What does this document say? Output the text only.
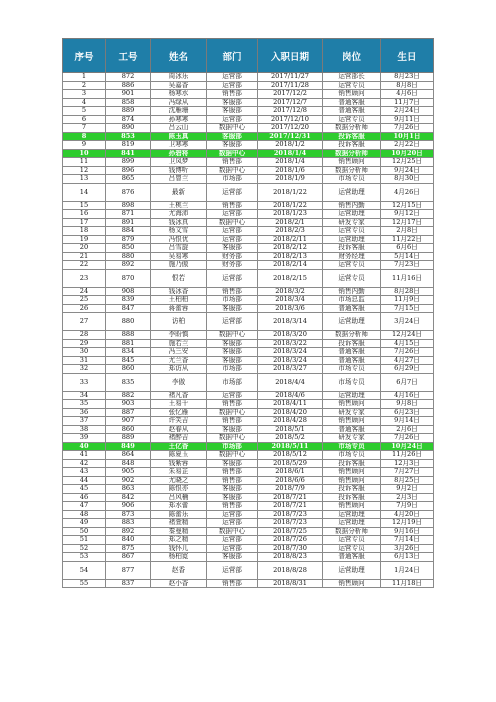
序号	工号	姓名	部门	入职日期	岗位	生日
1	872	周冰乐	运营部	2017/11/27	运营部长	8月23日
2	886	吴嘉香	运营部	2017/11/28	运营专员	8月8日
3	901	杨寒水	销售部	2017/12/2	销售顾问	4月6日
4	858	冯绿从	客服部	2017/12/7	普通客服	11月7日
5	889	沈雁珊	客服部	2017/12/8	普通客服	2月24日
6	874	孙寒寒	运营部	2017/12/10	运营专员	9月11日
7	890	吕云山	数据中心	2017/12/20	数据分析师	7月26日
8	853	陈玉真	客服部	2017/12/31	投诉客服	10月1日
9	819	卫寒寒	客服部	2018/1/2	投诉客服	2月22日
10	841	孙碧将	数据中心	2018/1/4	数据分析师	10月20日
11	899	卫凤梦	销售部	2018/1/4	销售顾问	12月25日
12	896	钱博听	数据中心	2018/1/6	数据分析师	9月24日
13	865	吕曾兰	市场部	2018/1/9	市场专员	8月30日
14	876	最新	运营部	2018/1/22	运营助理	4月26日
15	898	王桃兰	销售部	2018/1/22	销售内勤	12月15日
16	871	尤海沛	运营部	2018/1/23	运营助理	9月12日
17	891	钱冰真	数据中心	2018/2/1	研发专家	12月17日
18	884	杨文雪	运营部	2018/2/3	运营专员	2月8日
19	879	冯恨优	运营部	2018/2/11	运营助理	11月22日
20	850	吕雪旋	客服部	2018/2/12	投诉客服	6月6日
21	880	吴易寒	财务部	2018/2/13	财务经理	5月14日
22	892	施乃傲	财务部	2018/2/14	运营专员	7月23日
23	870	恨若	运营部	2018/2/15	运营专员	11月16日
24	908	钱冰香	销售部	2018/3/2	销售内勤	8月28日
25	839	王柏柏	市场部	2018/3/4	市场总监	11月9日
26	847	蒋蕾蓉	客服部	2018/3/6	普通客服	7月15日
27	880	访柏	运营部	2018/3/14	运营助理	3月24日
28	888	李盼慎	数据中心	2018/3/20	数据分析师	12月24日
29	881	施若兰	客服部	2018/3/22	投诉客服	4月15日
30	834	冯三安	客服部	2018/3/24	普通客服	7月26日
31	845	尤兰香	客服部	2018/3/24	普通客服	4月27日
32	860	郑访从	市场部	2018/3/27	市场专员	6月29日
33	835	李傲	市场部	2018/4/4	市场专员	6月7日
34	882	褚凡香	运营部	2018/4/6	运营助理	4月16日
35	903	王易千	销售部	2018/4/11	销售顾问	9月8日
36	887	张忆雁	数据中心	2018/4/20	研发专家	6月23日
37	907	许笑吉	销售部	2018/4/28	销售顾问	9月14日
38	860	赵春从	客服部	2018/5/1	普通客服	2月6日
39	889	褚醉吉	数据中心	2018/5/2	研发专家	7月26日
40	849	王亿香	市场部	2018/5/11	市场专员	10月24日
41	864	陈夏玉	数据中心	2018/5/12	市场专员	11月26日
42	848	钱紫蓉	客服部	2018/5/29	投诉客服	12月3日
43	905	朱易芷	销售部	2018/6/1	销售顾问	7月27日
44	902	尤晓之	销售部	2018/6/6	销售顾问	8月25日
45	863	陈恨亦	客服部	2018/7/9	投诉客服	9月2日
46	842	吕风楠	客服部	2018/7/21	投诉客服	2月3日
47	906	郑水蕾	销售部	2018/7/21	销售顾问	7月9日
48	873	陈蕾乐	运营部	2018/7/23	运营助理	4月20日
49	883	褚萱精	运营部	2018/7/23	运营助理	12月19日
50	892	秦曼精	数据中心	2018/7/25	数据分析师	9月16日
51	840	郑之精	运营部	2018/7/26	运营专员	7月14日
52	875	钱怀儿	运营部	2018/7/30	运营专员	3月26日
53	867	杨柏霓	客服部	2018/8/23	普通客服	6月13日
54	877	赵香	运营部	2018/8/28	运营助理	1月24日
55	837	赵小香	销售部	2018/8/31	销售顾问	11月18日
